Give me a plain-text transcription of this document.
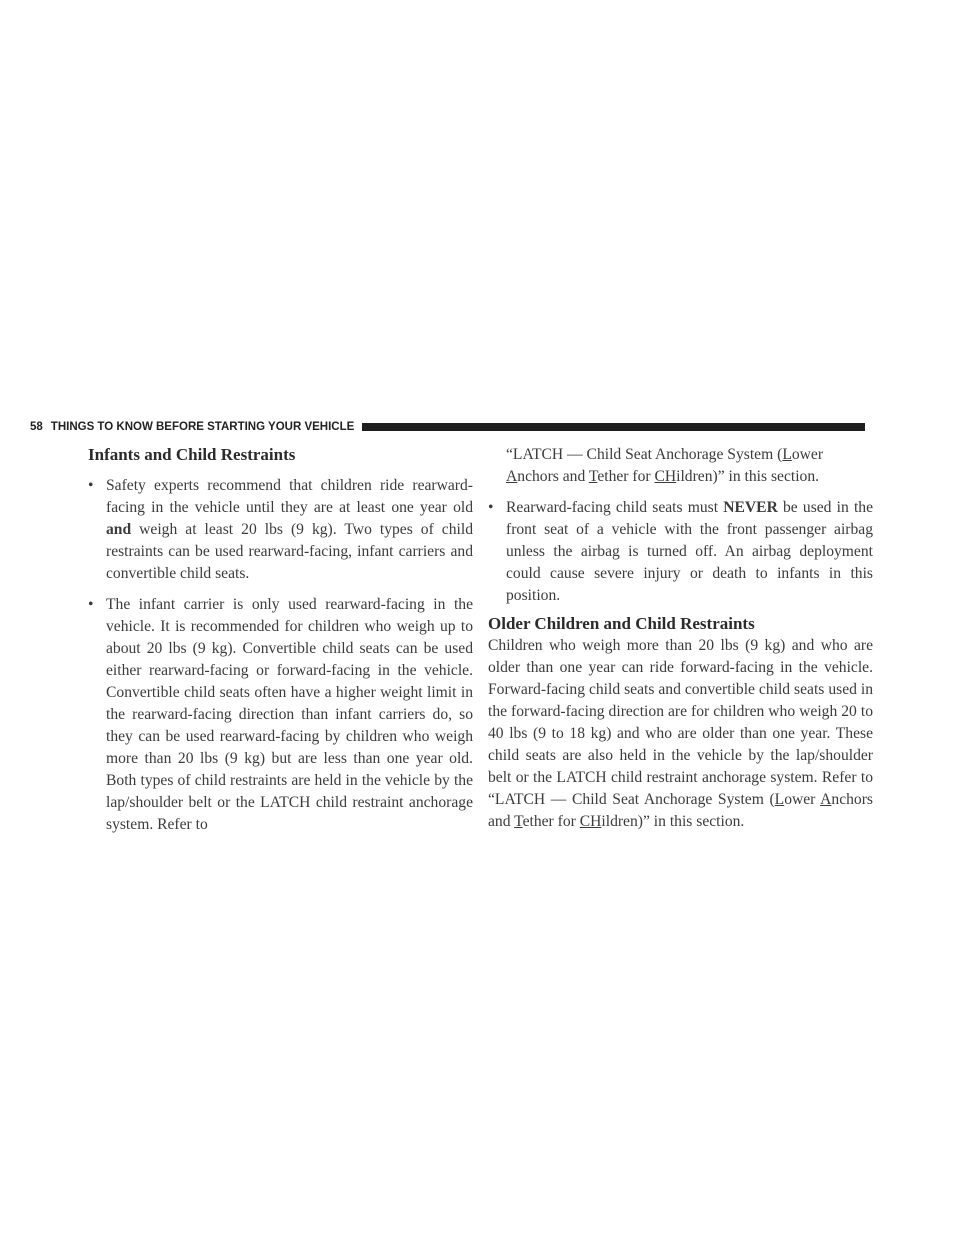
58 THINGS TO KNOW BEFORE STARTING YOUR VEHICLE
Infants and Child Restraints
• Safety experts recommend that children ride rearward-facing in the vehicle until they are at least one year old and weigh at least 20 lbs (9 kg). Two types of child restraints can be used rearward-facing, infant carriers and convertible child seats.
• The infant carrier is only used rearward-facing in the vehicle. It is recommended for children who weigh up to about 20 lbs (9 kg). Convertible child seats can be used either rearward-facing or forward-facing in the vehicle. Convertible child seats often have a higher weight limit in the rearward-facing direction than infant carriers do, so they can be used rearward-facing by children who weigh more than 20 lbs (9 kg) but are less than one year old. Both types of child restraints are held in the vehicle by the lap/shoulder belt or the LATCH child restraint anchorage system. Refer to
“LATCH — Child Seat Anchorage System (Lower Anchors and Tether for CHildren)” in this section.
• Rearward-facing child seats must NEVER be used in the front seat of a vehicle with the front passenger airbag unless the airbag is turned off. An airbag deployment could cause severe injury or death to infants in this position.
Older Children and Child Restraints

Children who weigh more than 20 lbs (9 kg) and who are older than one year can ride forward-facing in the vehicle. Forward-facing child seats and convertible child seats used in the forward-facing direction are for children who weigh 20 to 40 lbs (9 to 18 kg) and who are older than one year. These child seats are also held in the vehicle by the lap/shoulder belt or the LATCH child restraint anchorage system. Refer to “LATCH — Child Seat Anchorage System (Lower Anchors and Tether for CHildren)” in this section.
